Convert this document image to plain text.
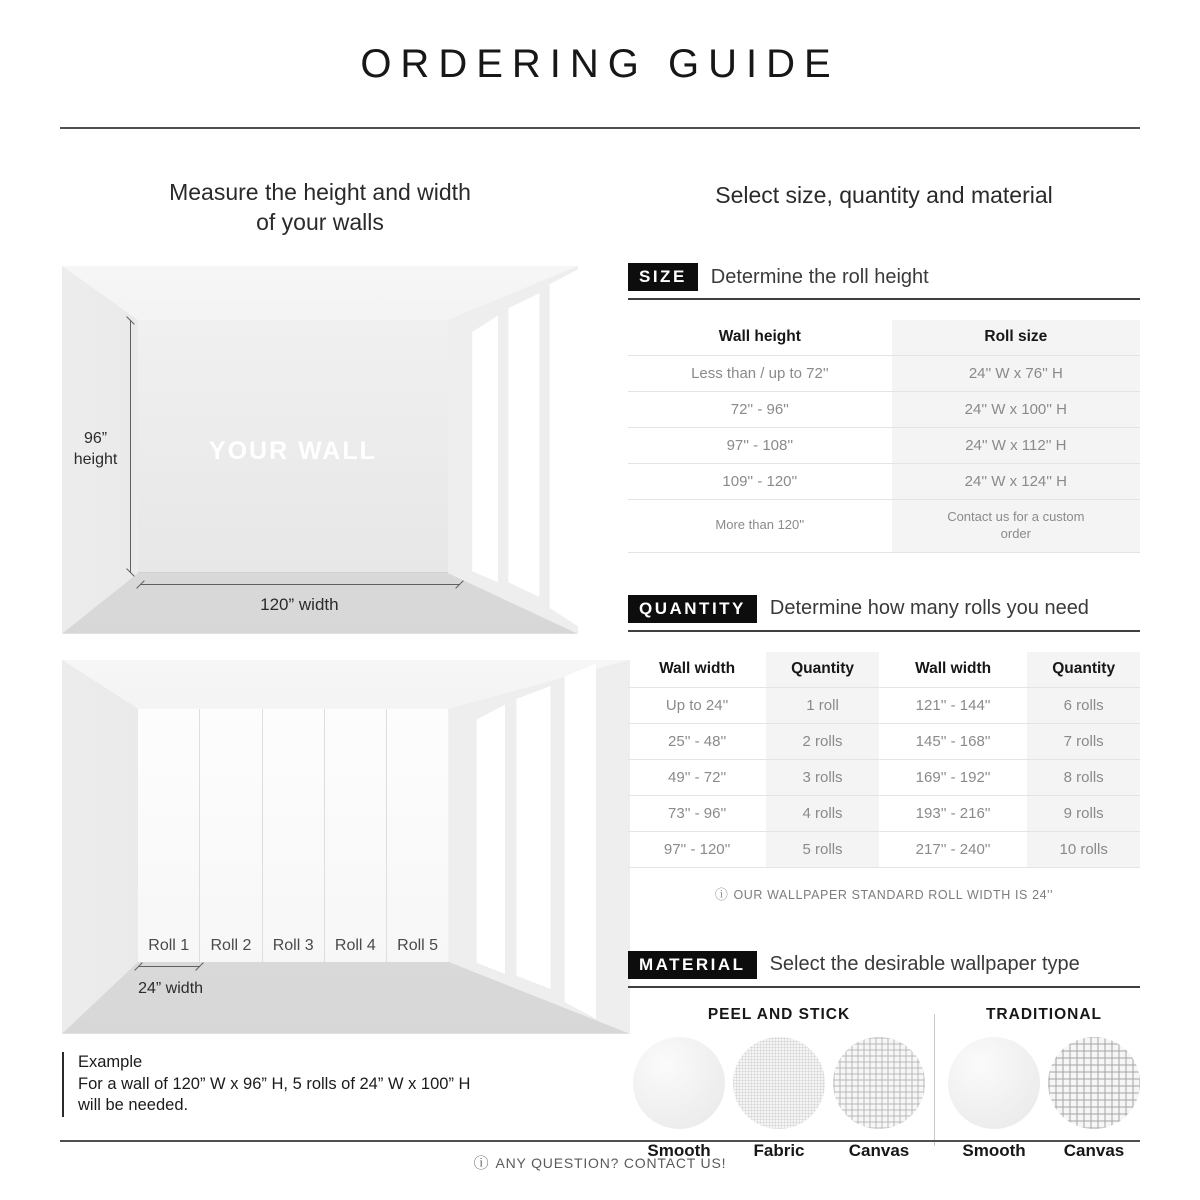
ORDERING GUIDE
Measure the height and width
of your walls
96”
height	YOUR WALL
120” width
Roll 1	Roll 2	Roll 3	Roll 4	Roll 5
24” width
Example
For a wall of 120” W x 96” H, 5 rolls of 24” W x 100” H
will be needed.
Select size, quantity and material
SIZE	Determine the roll height
Wall height	Roll size
Less than / up to 72''	24'' W x 76'' H
72'' - 96''	24'' W x 100'' H
97'' - 108''	24'' W x 112'' H
109'' - 120''	24'' W x 124'' H
More than 120''	Contact us for a custom order
QUANTITY	Determine how many rolls you need
Wall width	Quantity	Wall width	Quantity
Up to 24''	1 roll	121'' - 144''	6 rolls
25'' - 48''	2 rolls	145'' - 168''	7 rolls
49'' - 72''	3 rolls	169'' - 192''	8 rolls
73'' - 96''	4 rolls	193'' - 216''	9 rolls
97'' - 120''	5 rolls	217'' - 240''	10 rolls
ⓘ OUR WALLPAPER STANDARD ROLL WIDTH IS 24''
MATERIAL	Select the desirable wallpaper type
PEEL AND STICK
Smooth	Fabric	Canvas
TRADITIONAL
Smooth	Canvas
ⓘ ANY QUESTION? CONTACT US!
